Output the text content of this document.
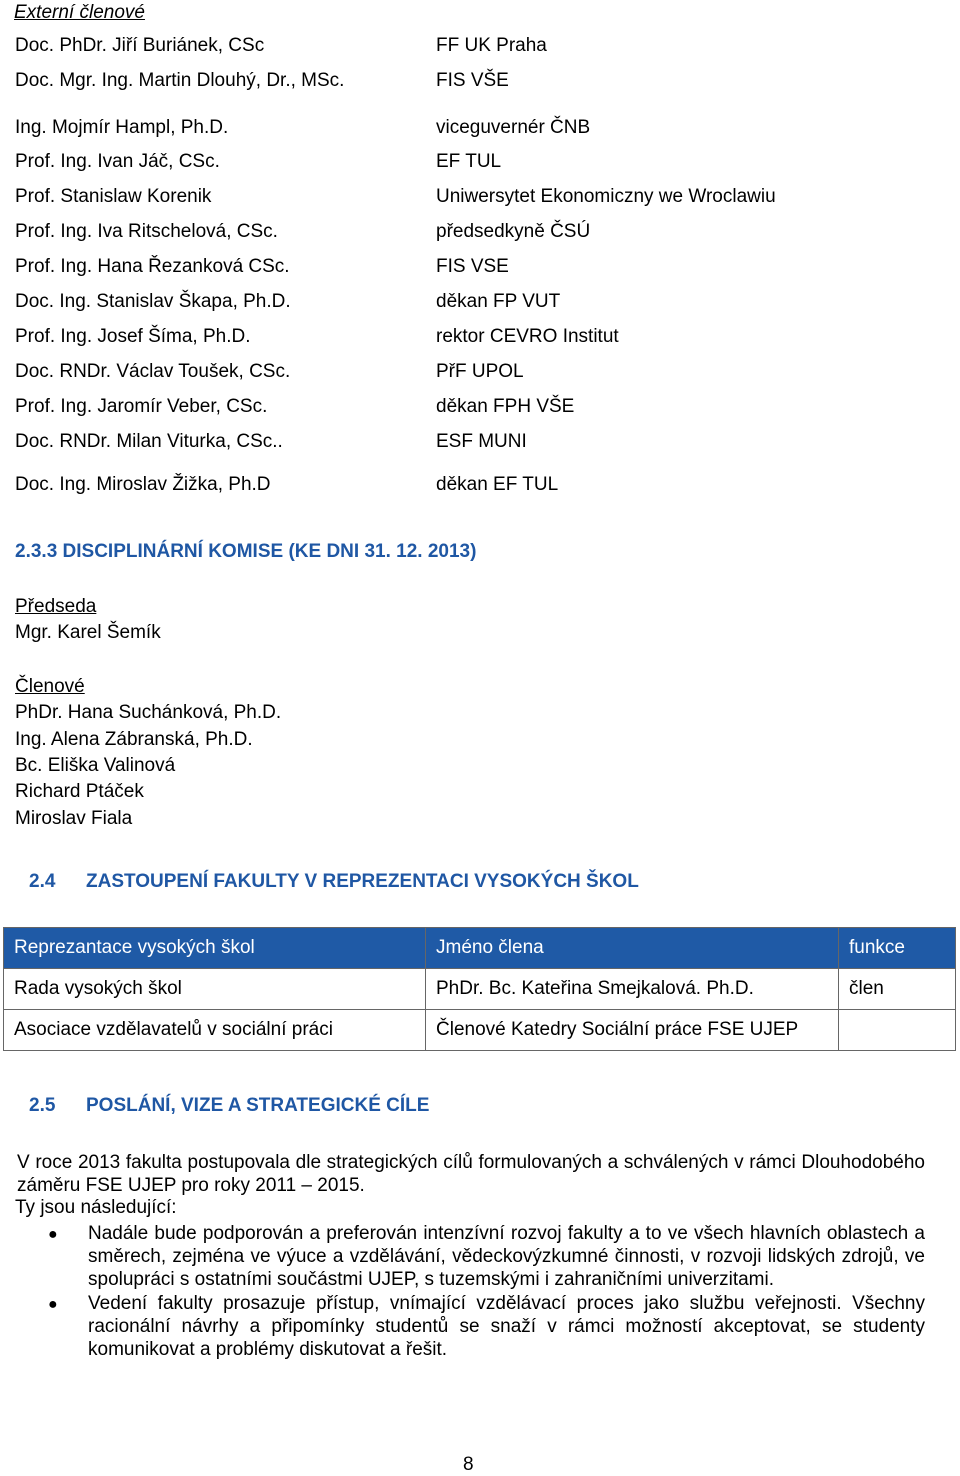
Externí členové
Doc. PhDr. Jiří Buriánek, CSc	FF UK Praha
Doc. Mgr. Ing. Martin Dlouhý, Dr., MSc.	FIS VŠE
Ing. Mojmír Hampl, Ph.D.	viceguvernér ČNB
Prof. Ing. Ivan Jáč, CSc.	EF TUL
Prof. Stanislaw Korenik	Uniwersytet Ekonomiczny we Wroclawiu
Prof. Ing. Iva Ritschelová, CSc.	předsedkyně ČSÚ
Prof. Ing. Hana Řezanková CSc.	FIS VSE
Doc. Ing. Stanislav Škapa, Ph.D.	děkan FP VUT
Prof. Ing. Josef Šíma, Ph.D.	rektor CEVRO Institut
Doc. RNDr. Václav Toušek, CSc.	PřF UPOL
Prof. Ing. Jaromír Veber, CSc.	děkan FPH VŠE
Doc. RNDr. Milan Viturka, CSc..	ESF MUNI
Doc. Ing. Miroslav Žižka, Ph.D	děkan EF TUL
2.3.3 DISCIPLINÁRNÍ KOMISE (KE DNI 31. 12. 2013)
Předseda
Mgr. Karel Šemík
Členové
PhDr. Hana Suchánková, Ph.D.
Ing. Alena Zábranská, Ph.D.
Bc. Eliška Valinová
Richard Ptáček
Miroslav Fiala
2.4 ZASTOUPENÍ FAKULTY V REPREZENTACI VYSOKÝCH ŠKOL
Reprezantace vysokých škol	Jméno člena	funkce
Rada vysokých škol	PhDr. Bc. Kateřina Smejkalová. Ph.D.	člen
Asociace vzdělavatelů v sociální práci	Členové Katedry Sociální práce FSE UJEP	
2.5 POSLÁNÍ, VIZE A STRATEGICKÉ CÍLE
V roce 2013 fakulta postupovala dle strategických cílů formulovaných a schválených v rámci Dlouhodobého záměru FSE UJEP pro roky 2011 – 2015.
Ty jsou následující:
● Nadále bude podporován a preferován intenzívní rozvoj fakulty a to ve všech hlavních oblastech a směrech, zejména ve výuce a vzdělávání, vědeckovýzkumné činnosti, v rozvoji lidských zdrojů, ve spolupráci s ostatními součástmi UJEP, s tuzemskými i zahraničními univerzitami.
● Vedení fakulty prosazuje přístup, vnímající vzdělávací proces jako službu veřejnosti. Všechny racionální návrhy a připomínky studentů se snaží v rámci možností akceptovat, se studenty komunikovat a problémy diskutovat a řešit.
8
